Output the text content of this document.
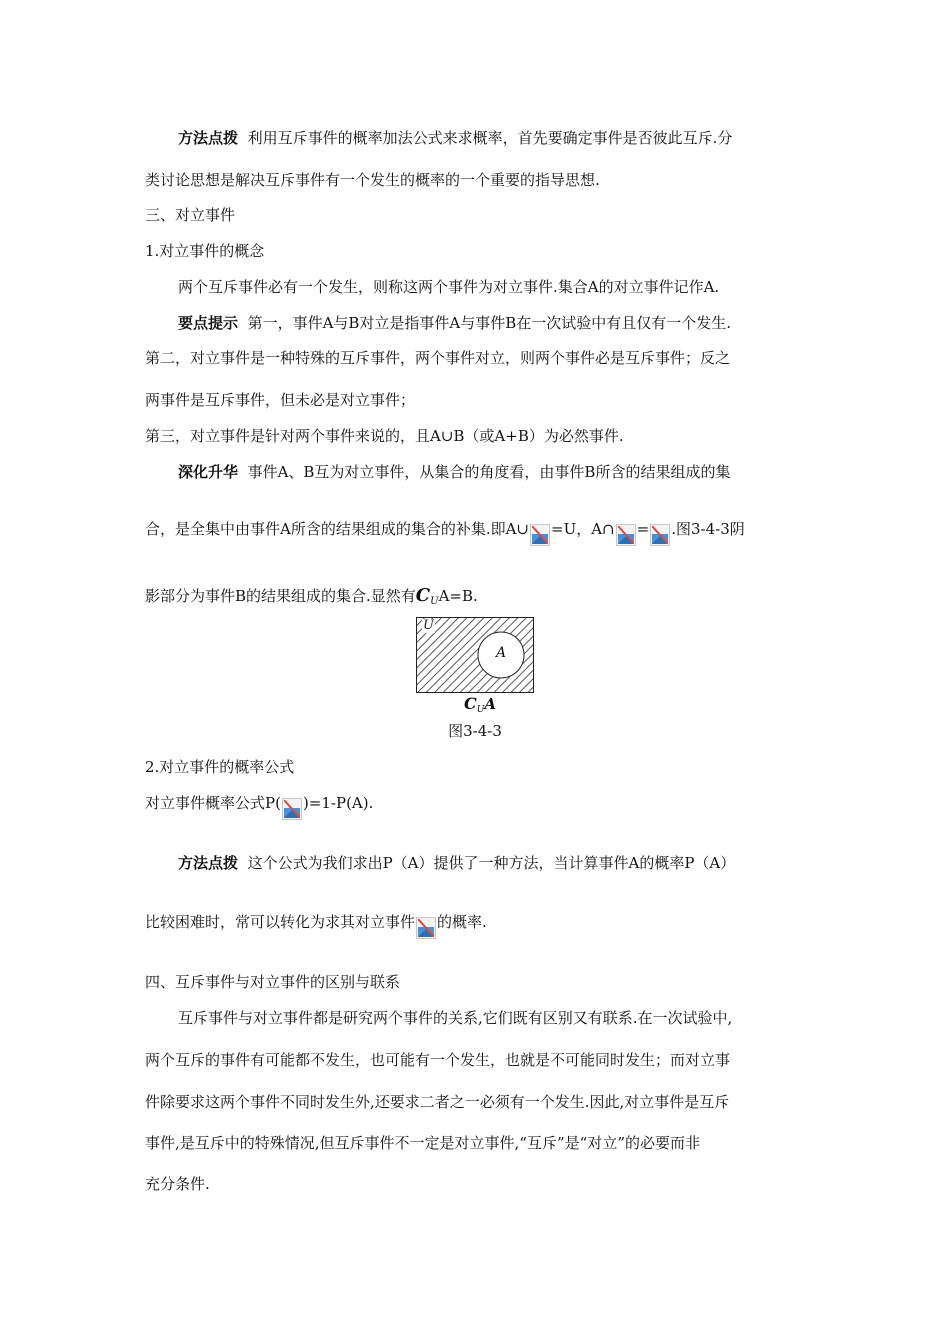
方法点拨 利用互斥事件的概率加法公式来求概率，首先要确定事件是否彼此互斥.分
类讨论思想是解决互斥事件有一个发生的概率的一个重要的指导思想.
三、对立事件
1.对立事件的概念
两个互斥事件必有一个发生，则称这两个事件为对立事件.集合A的对立事件记作A.
要点提示 第一，事件A与B对立是指事件A与事件B在一次试验中有且仅有一个发生.
第二，对立事件是一种特殊的互斥事件，两个事件对立，则两个事件必是互斥事件；反之
两事件是互斥事件，但未必是对立事件；
第三，对立事件是针对两个事件来说的，且A∪B（或A+B）为必然事件.
深化升华 事件A、B互为对立事件，从集合的角度看，由事件B所含的结果组成的集
合，是全集中由事件A所含的结果组成的集合的补集.即A∪ =U，A∩ = .图3-4-3阴
影部分为事件B的结果组成的集合.显然有$C_UA=B$.
U
A
$C_UA$
图3-4-3
2.对立事件的概率公式
对立事件概率公式P( )=1-P(A).
方法点拨 这个公式为我们求出P（A）提供了一种方法，当计算事件A的概率P（A）
比较困难时，常可以转化为求其对立事件 的概率.
四、互斥事件与对立事件的区别与联系
互斥事件与对立事件都是研究两个事件的关系,它们既有区别又有联系.在一次试验中,
两个互斥的事件有可能都不发生，也可能有一个发生，也就是不可能同时发生；而对立事
件除要求这两个事件不同时发生外,还要求二者之一必须有一个发生.因此,对立事件是互斥
事件,是互斥中的特殊情况,但互斥事件不一定是对立事件,“互斥”是“对立”的必要而非
充分条件.
